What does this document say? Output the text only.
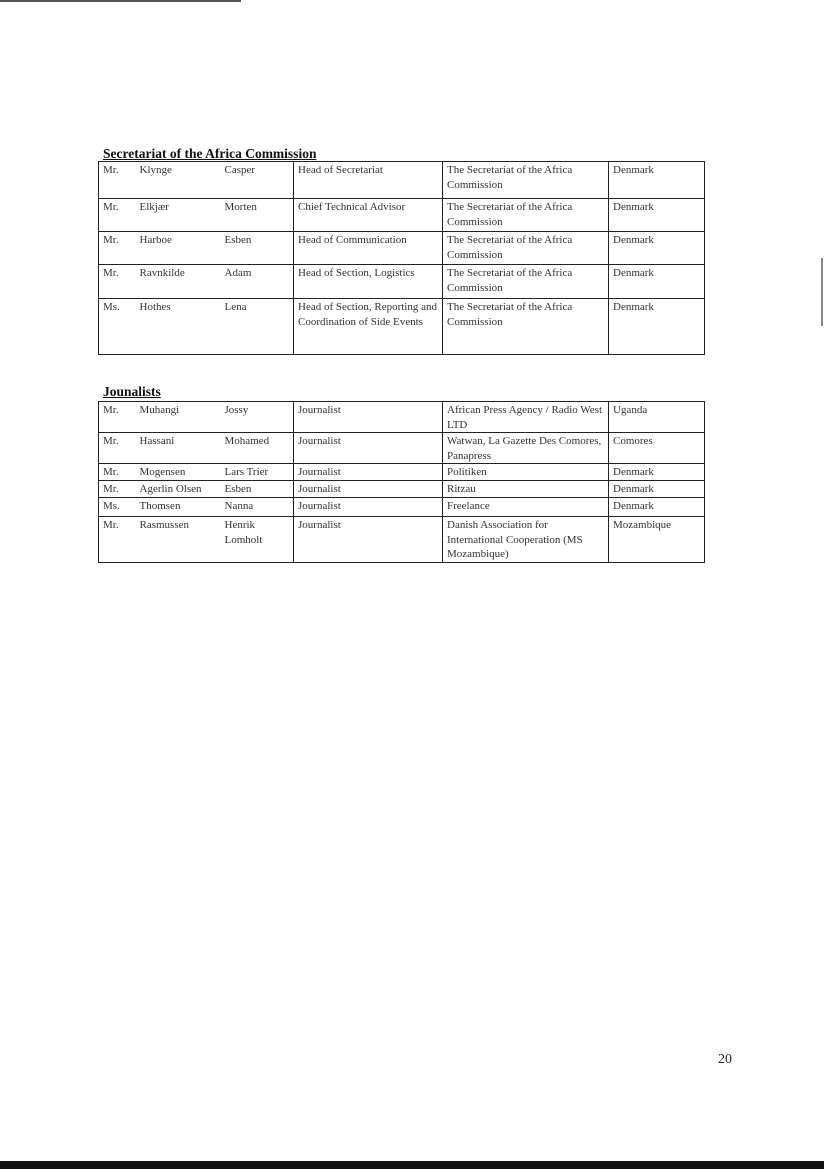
Secretariat of the Africa Commission
Mr.	Klynge	Casper	Head of Secretariat	The Secretariat of the Africa Commission	Denmark
Mr.	Elkjær	Morten	Chief Technical Advisor	The Secretariat of the Africa Commission	Denmark
Mr.	Harboe	Esben	Head of Communication	The Secretariat of the Africa Commission	Denmark
Mr.	Ravnkilde	Adam	Head of Section, Logistics	The Secretariat of the Africa Commission	Denmark
Ms.	Hothes	Lena	Head of Section, Reporting and Coordination of Side Events	The Secretariat of the Africa Commission	Denmark
Jounalists
Mr.	Muhangi	Jossy	Journalist	African Press Agency / Radio West LTD	Uganda
Mr.	Hassani	Mohamed	Journalist	Watwan, La Gazette Des Comores, Panapress	Comores
Mr.	Mogensen	Lars Trier	Journalist	Politiken	Denmark
Mr.	Agerlin Olsen	Esben	Journalist	Ritzau	Denmark
Ms.	Thomsen	Nanna	Journalist	Freelance	Denmark
Mr.	Rasmussen	Henrik Lomholt	Journalist	Danish Association for International Cooperation (MS Mozambique)	Mozambique
20
